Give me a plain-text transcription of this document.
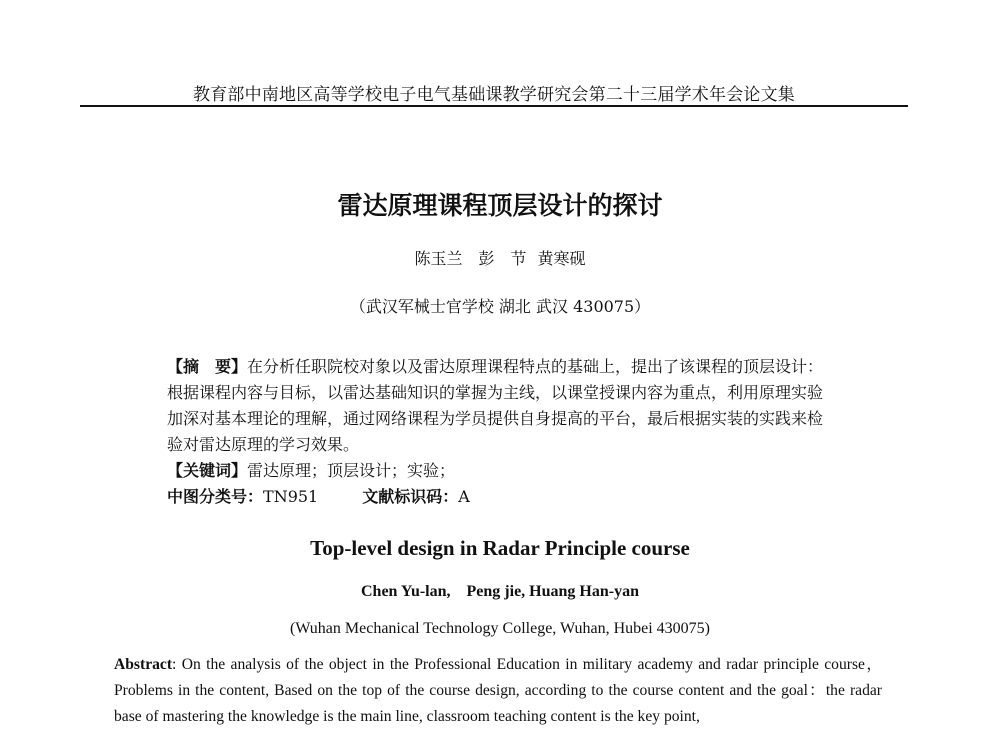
教育部中南地区高等学校电子电气基础课教学研究会第二十三届学术年会论文集
雷达原理课程顶层设计的探讨
陈玉兰　彭　节 黄寒砚
（武汉军械士官学校 湖北 武汉 430075）
【摘　要】在分析任职院校对象以及雷达原理课程特点的基础上，提出了该课程的顶层设计：根据课程内容与目标，以雷达基础知识的掌握为主线，以课堂授课内容为重点，利用原理实验加深对基本理论的理解，通过网络课程为学员提供自身提高的平台，最后根据实装的实践来检验对雷达原理的学习效果。
【关键词】雷达原理；顶层设计；实验；
中图分类号：TN951	文献标识码：A
Top-level design in Radar Principle course
Chen Yu-lan,　Peng jie, Huang Han-yan
(Wuhan Mechanical Technology College, Wuhan, Hubei 430075)
Abstract: On the analysis of the object in the Professional Education in military academy and radar principle course，Problems in the content, Based on the top of the course design, according to the course content and the goal：the radar base of mastering the knowledge is the main line, classroom teaching content is the key point,
